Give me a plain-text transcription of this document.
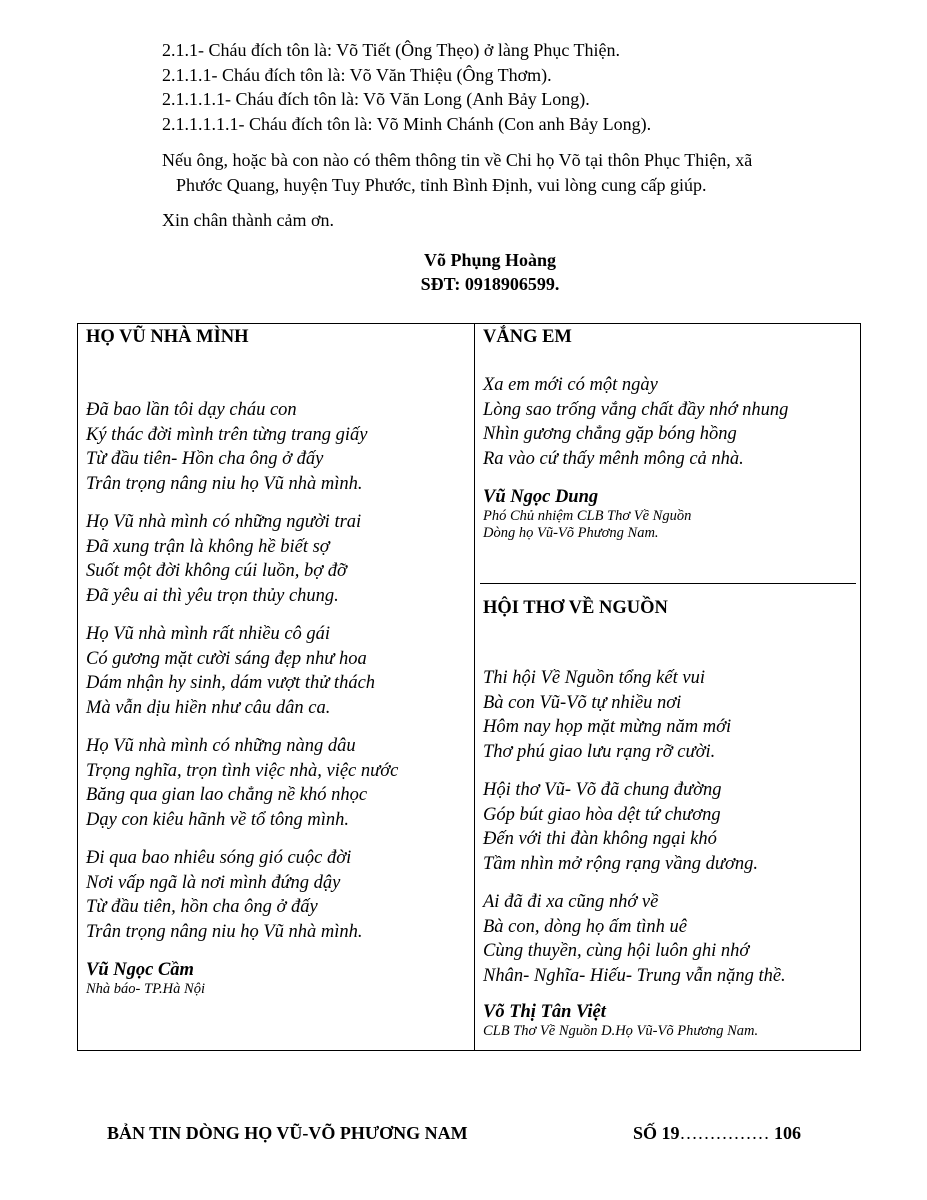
2.1.1- Cháu đích tôn là: Võ Tiết (Ông Thẹo) ở làng Phục Thiện.
2.1.1.1- Cháu đích tôn là: Võ Văn Thiệu (Ông Thơm).
2.1.1.1.1- Cháu đích tôn là: Võ Văn Long (Anh Bảy Long).
2.1.1.1.1.1- Cháu đích tôn là: Võ Minh Chánh (Con anh Bảy Long).
Nếu ông, hoặc bà con nào có thêm thông tin về Chi họ Võ tại thôn Phục Thiện, xã
Phước Quang, huyện Tuy Phước, tỉnh Bình Định, vui lòng cung cấp giúp.
Xin chân thành cảm ơn.
Võ Phụng Hoàng
SĐT: 0918906599.
HỌ VŨ NHÀ MÌNH
Đã bao lần tôi dạy cháu con
Ký thác đời mình trên từng trang giấy
Từ đầu tiên- Hồn cha ông ở đấy
Trân trọng nâng niu họ Vũ nhà mình.
Họ Vũ nhà mình có những người trai
Đã xung trận là không hề biết sợ
Suốt một đời không cúi luồn, bợ đỡ
Đã yêu ai thì yêu trọn thủy chung.
Họ Vũ nhà mình rất nhiều cô gái
Có gương mặt cười sáng đẹp như hoa
Dám nhận hy sinh, dám vượt thử thách
Mà vẫn dịu hiền như câu dân ca.
Họ Vũ nhà mình có những nàng dâu
Trọng nghĩa, trọn tình việc nhà, việc nước
Băng qua gian lao chẳng nề khó nhọc
Dạy con kiêu hãnh về tổ tông mình.
Đi qua bao nhiêu sóng gió cuộc đời
Nơi vấp ngã là nơi mình đứng dậy
Từ đầu tiên, hồn cha ông ở đấy
Trân trọng nâng niu họ Vũ nhà mình.
Vũ Ngọc Cầm
Nhà báo- TP.Hà Nội
VẮNG EM
Xa em mới có một ngày
Lòng sao trống vắng chất đầy nhớ nhung
Nhìn gương chẳng gặp bóng hồng
Ra vào cứ thấy mênh mông cả nhà.
Vũ Ngọc Dung
Phó Chủ nhiệm CLB Thơ Về Nguồn
Dòng họ Vũ-Võ Phương Nam.
HỘI THƠ VỀ NGUỒN
Thi hội Về Nguồn tổng kết vui
Bà con Vũ-Võ tự nhiều nơi
Hôm nay họp mặt mừng năm mới
Thơ phú giao lưu rạng rỡ cười.
Hội thơ Vũ- Võ đã chung đường
Góp bút giao hòa dệt tứ chương
Đến với thi đàn không ngại khó
Tầm nhìn mở rộng rạng vầng dương.
Ai đã đi xa cũng nhớ về
Bà con, dòng họ ấm tình uê
Cùng thuyền, cùng hội luôn ghi nhớ
Nhân- Nghĩa- Hiếu- Trung vẫn nặng thề.
Võ Thị Tân Việt
CLB Thơ Về Nguồn D.Họ Vũ-Võ Phương Nam.
BẢN TIN DÒNG HỌ VŨ-VÕ PHƯƠNG NAM	SỐ 19…………… 106
